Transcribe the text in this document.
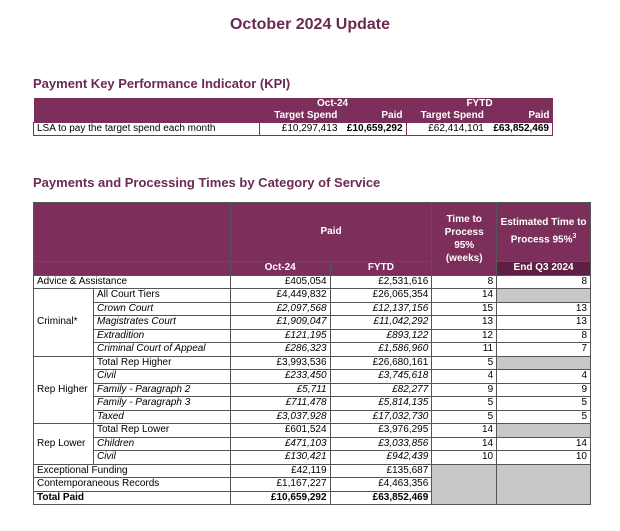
October 2024 Update
Payment Key Performance Indicator (KPI)
	Oct-24		FYTD	
	Target Spend	Paid	Target Spend	Paid
LSA to pay the target spend each month	£10,297,413	£10,659,292	£62,414,101	£63,852,469
Payments and Processing Times by Category of Service
		Paid		Time to Process 95% (weeks)	Estimated Time to Process 95%$^3$

		Oct-24	FYTD		End Q3 2024
Advice & Assistance		£405,054	£2,531,616	8	8
Criminal*	All Court Tiers	£4,449,832	£26,065,354	14	
	Crown Court	£2,097,568	£12,137,156	15	13
	Magistrates Court	£1,909,047	£11,042,292	13	13
	Extradition	£121,195	£893,122	12	8
	Criminal Court of Appeal	£286,323	£1,586,960	11	7
Rep Higher	Total Rep Higher	£3,993,536	£26,680,161	5	
	Civil	£233,450	£3,745,618	4	4
	Family - Paragraph 2	£5,711	£82,277	9	9
	Family - Paragraph 3	£711,478	£5,814,135	5	5
	Taxed	£3,037,928	£17,032,730	5	5
Rep Lower	Total Rep Lower	£601,524	£3,976,295	14	
	Children	£471,103	£3,033,856	14	14
	Civil	£130,421	£942,439	10	10
Exceptional Funding		£42,119	£135,687		
Contemporaneous Records		£1,167,227	£4,463,356		
Total Paid		£10,659,292	£63,852,469		
